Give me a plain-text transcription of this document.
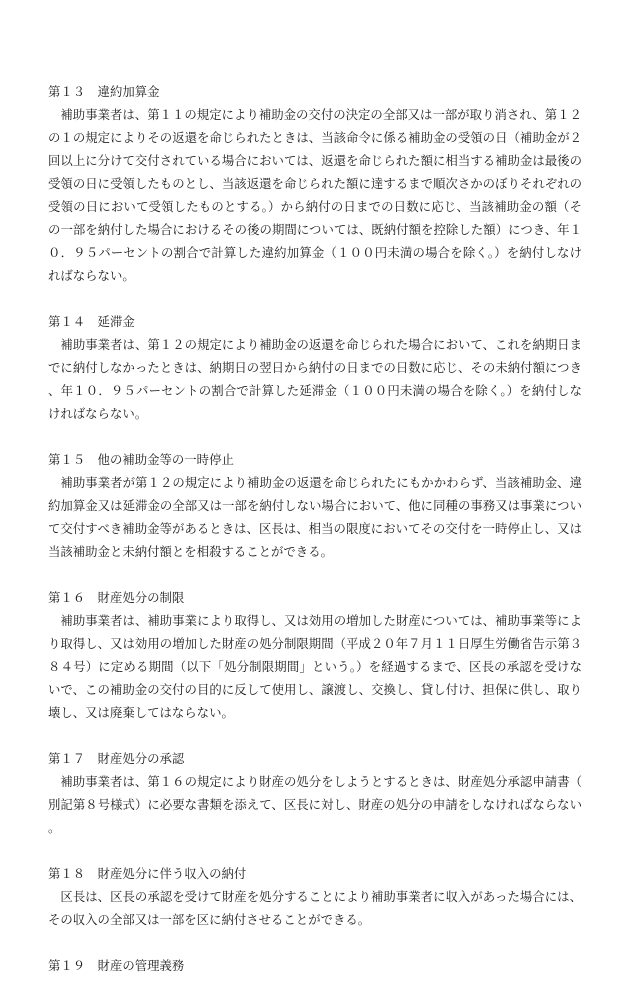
第１３　違約加算金
補助事業者は、第１１の規定により補助金の交付の決定の全部又は一部が取り消され、第１２の１の規定によりその返還を命じられたときは、当該命令に係る補助金の受領の日（補助金が２回以上に分けて交付されている場合においては、返還を命じられた額に相当する補助金は最後の受領の日に受領したものとし、当該返還を命じられた額に達するまで順次さかのぼりそれぞれの受領の日において受領したものとする。）から納付の日までの日数に応じ、当該補助金の額（その一部を納付した場合におけるその後の期間については、既納付額を控除した額）につき、年１０．９５パーセントの割合で計算した違約加算金（１００円未満の場合を除く。）を納付しなければならない。
第１４　延滞金
補助事業者は、第１２の規定により補助金の返還を命じられた場合において、これを納期日までに納付しなかったときは、納期日の翌日から納付の日までの日数に応じ、その未納付額につき、年１０．９５パーセントの割合で計算した延滞金（１００円未満の場合を除く。）を納付しなければならない。
第１５　他の補助金等の一時停止
補助事業者が第１２の規定により補助金の返還を命じられたにもかかわらず、当該補助金、違約加算金又は延滞金の全部又は一部を納付しない場合において、他に同種の事務又は事業について交付すべき補助金等があるときは、区長は、相当の限度においてその交付を一時停止し、又は当該補助金と未納付額とを相殺することができる。
第１６　財産処分の制限
補助事業者は、補助事業により取得し、又は効用の増加した財産については、補助事業等により取得し、又は効用の増加した財産の処分制限期間（平成２０年７月１１日厚生労働省告示第３８４号）に定める期間（以下「処分制限期間」という。）を経過するまで、区長の承認を受けないで、この補助金の交付の目的に反して使用し、譲渡し、交換し、貸し付け、担保に供し、取り壊し、又は廃棄してはならない。
第１７　財産処分の承認
補助事業者は、第１６の規定により財産の処分をしようとするときは、財産処分承認申請書（別記第８号様式）に必要な書類を添えて、区長に対し、財産の処分の申請をしなければならない。
第１８　財産処分に伴う収入の納付
区長は、区長の承認を受けて財産を処分することにより補助事業者に収入があった場合には、その収入の全部又は一部を区に納付させることができる。
第１９　財産の管理義務
